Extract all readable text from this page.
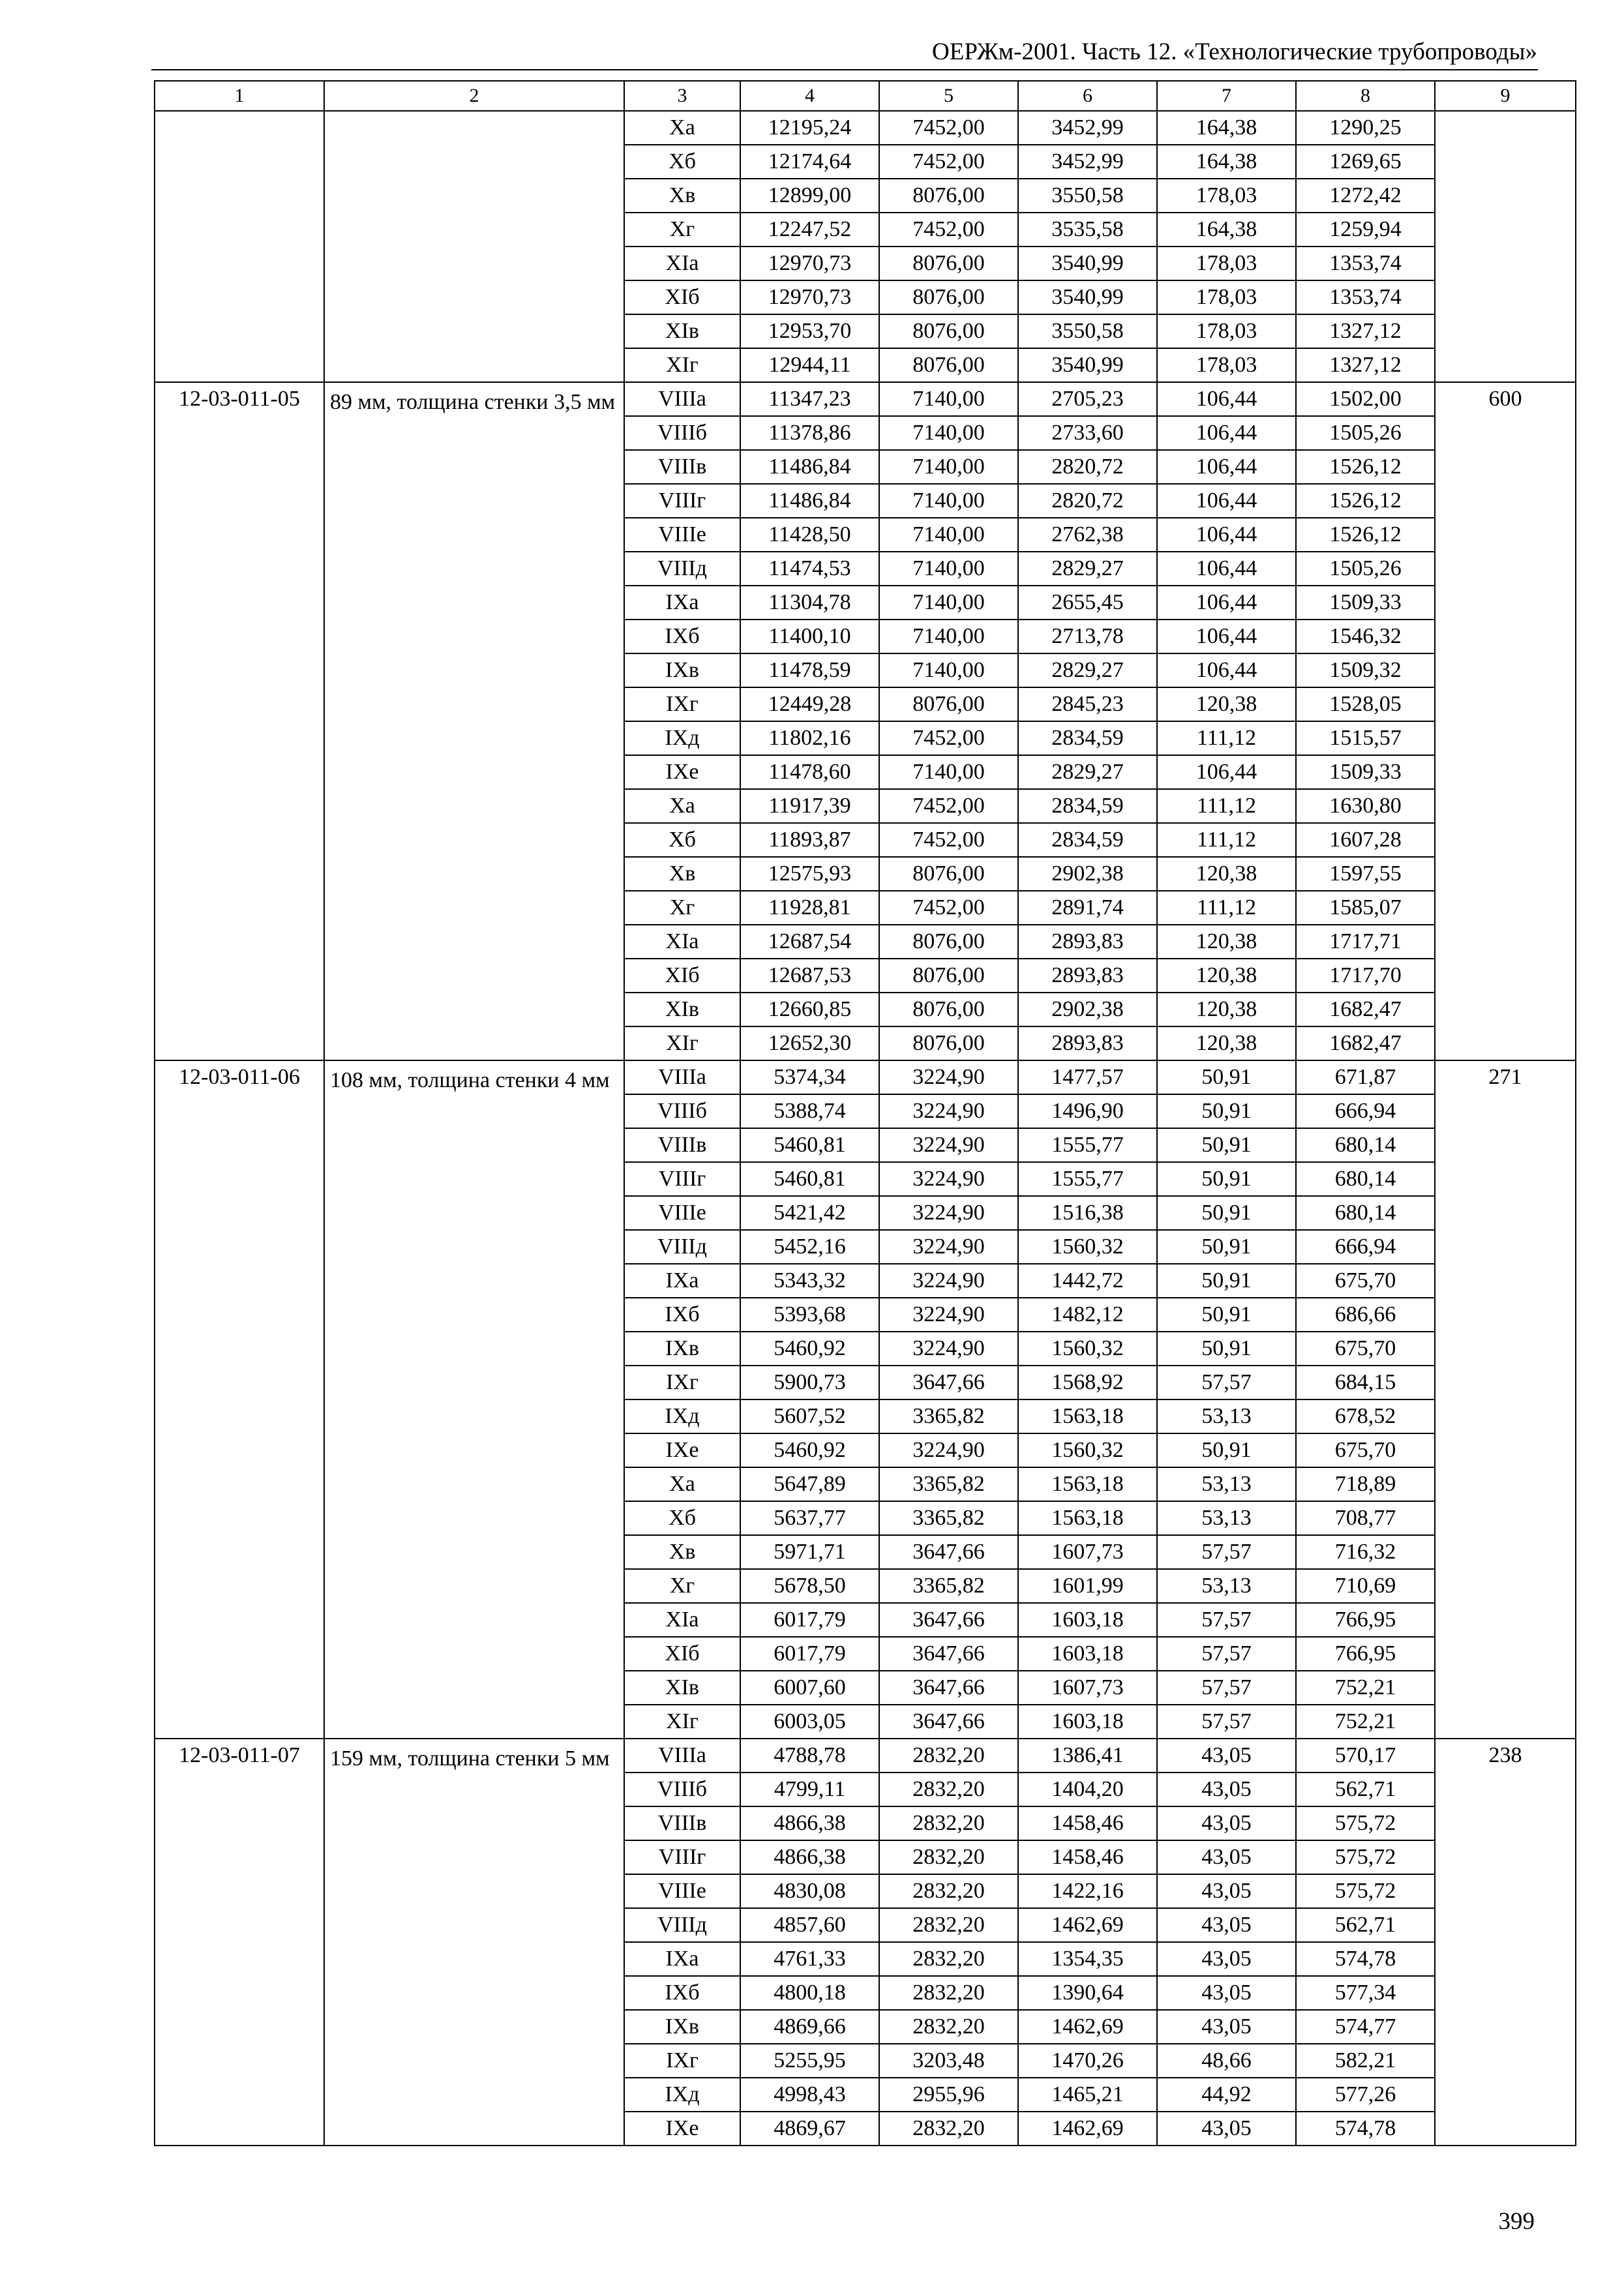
ОЕРЖм-2001. Часть 12. «Технологические трубопроводы»
1	2	3	4	5	6	7	8	9
		Xa	12195,24	7452,00	3452,99	164,38	1290,25	
		Xб	12174,64	7452,00	3452,99	164,38	1269,65	
		Xв	12899,00	8076,00	3550,58	178,03	1272,42	
		Xг	12247,52	7452,00	3535,58	164,38	1259,94	
		XIa	12970,73	8076,00	3540,99	178,03	1353,74	
		XIб	12970,73	8076,00	3540,99	178,03	1353,74	
		XIв	12953,70	8076,00	3550,58	178,03	1327,12	
		XIг	12944,11	8076,00	3540,99	178,03	1327,12	
12-03-011-05	89 мм, толщина стенки 3,5 мм	VIIIa	11347,23	7140,00	2705,23	106,44	1502,00	600
		VIIIб	11378,86	7140,00	2733,60	106,44	1505,26	
		VIIIв	11486,84	7140,00	2820,72	106,44	1526,12	
		VIIIг	11486,84	7140,00	2820,72	106,44	1526,12	
		VIIIe	11428,50	7140,00	2762,38	106,44	1526,12	
		VIIIд	11474,53	7140,00	2829,27	106,44	1505,26	
		IXa	11304,78	7140,00	2655,45	106,44	1509,33	
		IXб	11400,10	7140,00	2713,78	106,44	1546,32	
		IXв	11478,59	7140,00	2829,27	106,44	1509,32	
		IXг	12449,28	8076,00	2845,23	120,38	1528,05	
		IXд	11802,16	7452,00	2834,59	111,12	1515,57	
		IXe	11478,60	7140,00	2829,27	106,44	1509,33	
		Xa	11917,39	7452,00	2834,59	111,12	1630,80	
		Xб	11893,87	7452,00	2834,59	111,12	1607,28	
		Xв	12575,93	8076,00	2902,38	120,38	1597,55	
		Xг	11928,81	7452,00	2891,74	111,12	1585,07	
		XIa	12687,54	8076,00	2893,83	120,38	1717,71	
		XIб	12687,53	8076,00	2893,83	120,38	1717,70	
		XIв	12660,85	8076,00	2902,38	120,38	1682,47	
		XIг	12652,30	8076,00	2893,83	120,38	1682,47	
12-03-011-06	108 мм, толщина стенки 4 мм	VIIIa	5374,34	3224,90	1477,57	50,91	671,87	271
		VIIIб	5388,74	3224,90	1496,90	50,91	666,94	
		VIIIв	5460,81	3224,90	1555,77	50,91	680,14	
		VIIIг	5460,81	3224,90	1555,77	50,91	680,14	
		VIIIe	5421,42	3224,90	1516,38	50,91	680,14	
		VIIIд	5452,16	3224,90	1560,32	50,91	666,94	
		IXa	5343,32	3224,90	1442,72	50,91	675,70	
		IXб	5393,68	3224,90	1482,12	50,91	686,66	
		IXв	5460,92	3224,90	1560,32	50,91	675,70	
		IXг	5900,73	3647,66	1568,92	57,57	684,15	
		IXд	5607,52	3365,82	1563,18	53,13	678,52	
		IXe	5460,92	3224,90	1560,32	50,91	675,70	
		Xa	5647,89	3365,82	1563,18	53,13	718,89	
		Xб	5637,77	3365,82	1563,18	53,13	708,77	
		Xв	5971,71	3647,66	1607,73	57,57	716,32	
		Xг	5678,50	3365,82	1601,99	53,13	710,69	
		XIa	6017,79	3647,66	1603,18	57,57	766,95	
		XIб	6017,79	3647,66	1603,18	57,57	766,95	
		XIв	6007,60	3647,66	1607,73	57,57	752,21	
		XIг	6003,05	3647,66	1603,18	57,57	752,21	
12-03-011-07	159 мм, толщина стенки 5 мм	VIIIa	4788,78	2832,20	1386,41	43,05	570,17	238
		VIIIб	4799,11	2832,20	1404,20	43,05	562,71	
		VIIIв	4866,38	2832,20	1458,46	43,05	575,72	
		VIIIг	4866,38	2832,20	1458,46	43,05	575,72	
		VIIIe	4830,08	2832,20	1422,16	43,05	575,72	
		VIIIд	4857,60	2832,20	1462,69	43,05	562,71	
		IXa	4761,33	2832,20	1354,35	43,05	574,78	
		IXб	4800,18	2832,20	1390,64	43,05	577,34	
		IXв	4869,66	2832,20	1462,69	43,05	574,77	
		IXг	5255,95	3203,48	1470,26	48,66	582,21	
		IXд	4998,43	2955,96	1465,21	44,92	577,26	
		IXe	4869,67	2832,20	1462,69	43,05	574,78	
399
